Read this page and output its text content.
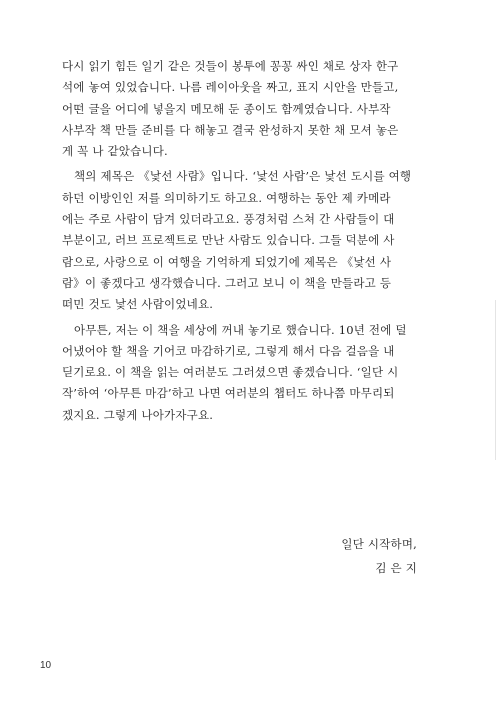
다시 읽기 힘든 일기 같은 것들이 봉투에 꽁꽁 싸인 채로 상자 한구
석에 놓여 있었습니다. 나름 레이아웃을 짜고, 표지 시안을 만들고,
어떤 글을 어디에 넣을지 메모해 둔 종이도 함께였습니다. 사부작
사부작 책 만들 준비를 다 해놓고 결국 완성하지 못한 채 모셔 놓은
게 꼭 나 같았습니다.
책의 제목은 《낯선 사람》입니다. ‘낯선 사람’은 낯선 도시를 여행
하던 이방인인 저를 의미하기도 하고요. 여행하는 동안 제 카메라
에는 주로 사람이 담겨 있더라고요. 풍경처럼 스쳐 간 사람들이 대
부분이고, 러브 프로젝트로 만난 사람도 있습니다. 그들 덕분에 사
람으로, 사랑으로 이 여행을 기억하게 되었기에 제목은 《낯선 사
람》이 좋겠다고 생각했습니다. 그러고 보니 이 책을 만들라고 등
떠민 것도 낯선 사람이었네요.
아무튼, 저는 이 책을 세상에 꺼내 놓기로 했습니다. 10년 전에 덜
어냈어야 할 책을 기어코 마감하기로, 그렇게 해서 다음 걸음을 내
딛기로요. 이 책을 읽는 여러분도 그러셨으면 좋겠습니다. ‘일단 시
작’하여 ‘아무튼 마감’하고 나면 여러분의 챕터도 하나쯤 마무리되
겠지요. 그렇게 나아가자구요.
일단 시작하며,
김 은 지
10
